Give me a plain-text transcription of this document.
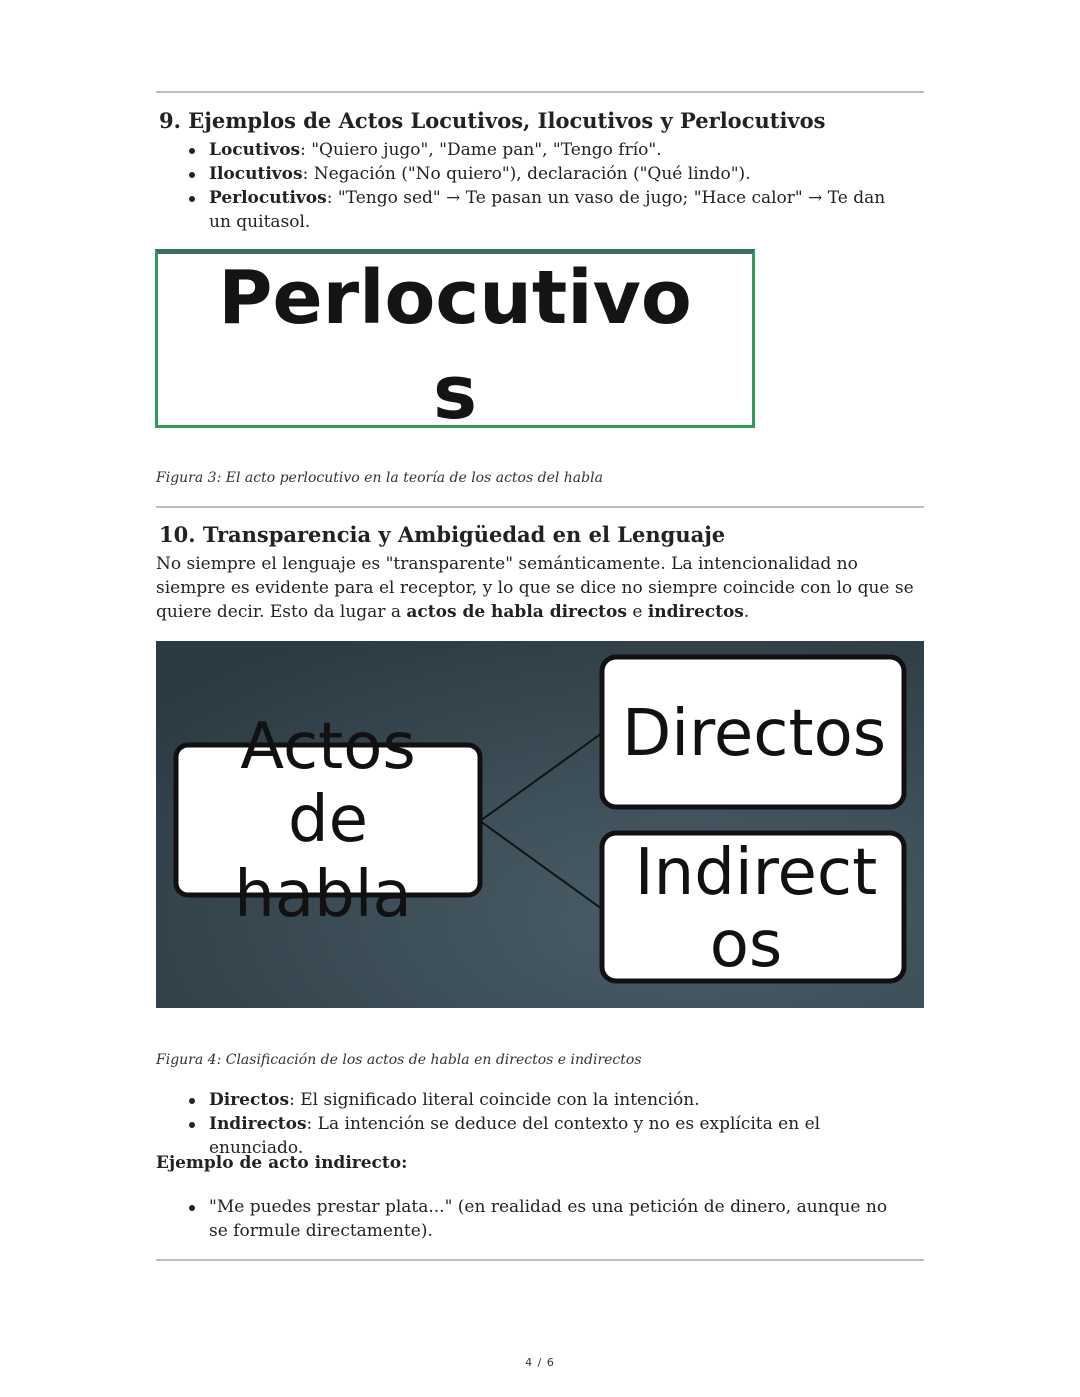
9. Ejemplos de Actos Locutivos, Ilocutivos y Perlocutivos
Locutivos: "Quiero jugo", "Dame pan", "Tengo frío".
Ilocutivos: Negación ("No quiero"), declaración ("Qué lindo").
Perlocutivos: "Tengo sed" → Te pasan un vaso de jugo; "Hace calor" → Te dan un quitasol.
Perlocutivo
s

Figura 3: El acto perlocutivo en la teoría de los actos del habla

10. Transparencia y Ambigüedad en el Lenguaje

No siempre el lenguaje es "transparente" semánticamente. La intencionalidad no siempre es evidente para el receptor, y lo que se dice no siempre coincide con lo que se quiere decir. Esto da lugar a actos de habla directos e indirectos.

Actos
de
habla
Directos
Indirect
os

Figura 4: Clasificación de los actos de habla en directos e indirectos

Directos: El significado literal coincide con la intención.
Indirectos: La intención se deduce del contexto y no es explícita en el enunciado.

Ejemplo de acto indirecto:

"Me puedes prestar plata..." (en realidad es una petición de dinero, aunque no se formule directamente).
4 / 6
